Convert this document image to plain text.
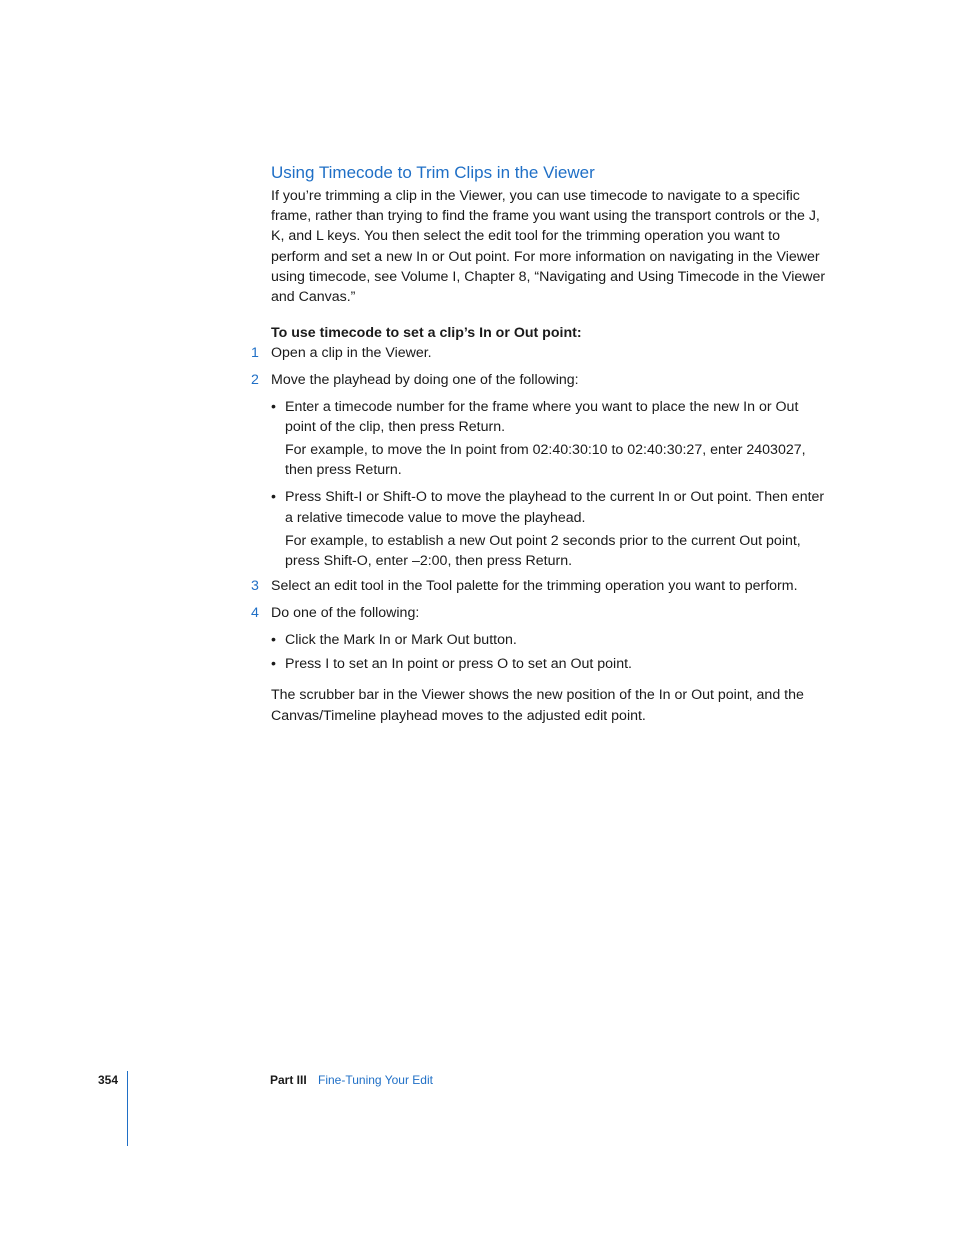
Using Timecode to Trim Clips in the Viewer

If you’re trimming a clip in the Viewer, you can use timecode to navigate to a specific frame, rather than trying to find the frame you want using the transport controls or the J, K, and L keys. You then select the edit tool for the trimming operation you want to perform and set a new In or Out point. For more information on navigating in the Viewer using timecode, see Volume I, Chapter 8, “Navigating and Using Timecode in the Viewer and Canvas.”

To use timecode to set a clip’s In or Out point:

1 Open a clip in the Viewer.
2 Move the playhead by doing one of the following:
• Enter a timecode number for the frame where you want to place the new In or Out point of the clip, then press Return.
For example, to move the In point from 02:40:30:10 to 02:40:30:27, enter 2403027, then press Return.
• Press Shift-I or Shift-O to move the playhead to the current In or Out point. Then enter a relative timecode value to move the playhead.
For example, to establish a new Out point 2 seconds prior to the current Out point, press Shift-O, enter –2:00, then press Return.
3 Select an edit tool in the Tool palette for the trimming operation you want to perform.
4 Do one of the following:
• Click the Mark In or Mark Out button.
• Press I to set an In point or press O to set an Out point.

The scrubber bar in the Viewer shows the new position of the In or Out point, and the Canvas/Timeline playhead moves to the adjusted edit point.

354	Part III Fine-Tuning Your Edit
